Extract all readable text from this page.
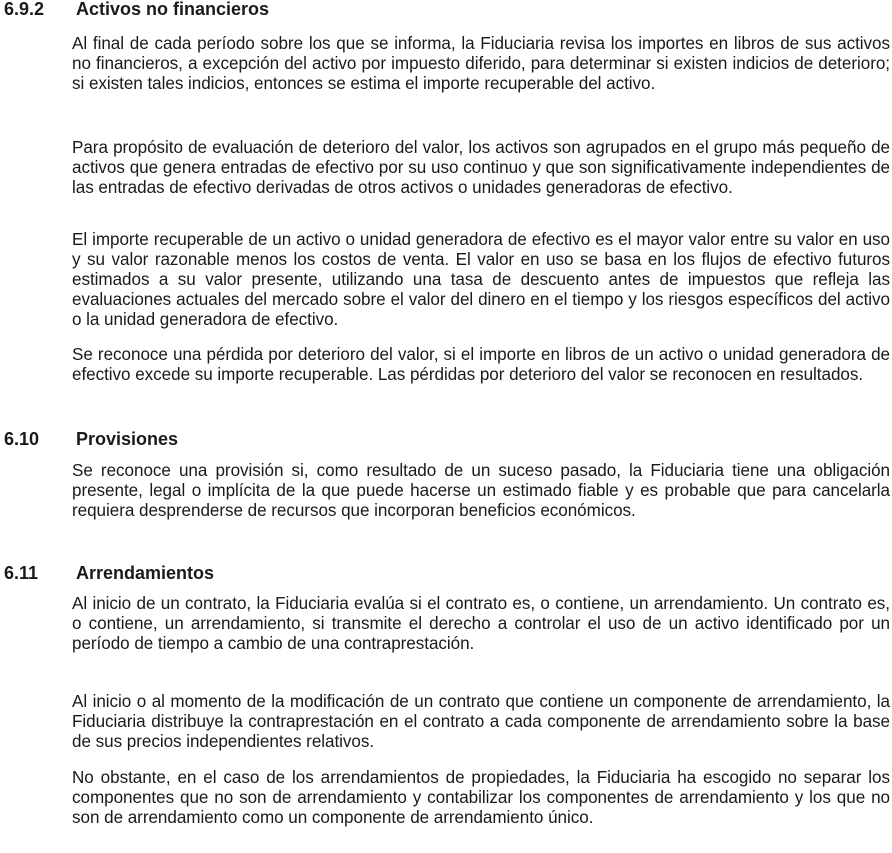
6.9.2	Activos no financieros

Al final de cada período sobre los que se informa, la Fiduciaria revisa los importes en libros de sus activos no financieros, a excepción del activo por impuesto diferido, para determinar si existen indicios de deterioro; si existen tales indicios, entonces se estima el importe recuperable del activo.

Para propósito de evaluación de deterioro del valor, los activos son agrupados en el grupo más pequeño de activos que genera entradas de efectivo por su uso continuo y que son significativamente independientes de las entradas de efectivo derivadas de otros activos o unidades generadoras de efectivo.

El importe recuperable de un activo o unidad generadora de efectivo es el mayor valor entre su valor en uso y su valor razonable menos los costos de venta. El valor en uso se basa en los flujos de efectivo futuros estimados a su valor presente, utilizando una tasa de descuento antes de impuestos que refleja las evaluaciones actuales del mercado sobre el valor del dinero en el tiempo y los riesgos específicos del activo o la unidad generadora de efectivo.

Se reconoce una pérdida por deterioro del valor, si el importe en libros de un activo o unidad generadora de efectivo excede su importe recuperable. Las pérdidas por deterioro del valor se reconocen en resultados.

6.10	Provisiones

Se reconoce una provisión si, como resultado de un suceso pasado, la Fiduciaria tiene una obligación presente, legal o implícita de la que puede hacerse un estimado fiable y es probable que para cancelarla requiera desprenderse de recursos que incorporan beneficios económicos.

6.11	Arrendamientos

Al inicio de un contrato, la Fiduciaria evalúa si el contrato es, o contiene, un arrendamiento. Un contrato es, o contiene, un arrendamiento, si transmite el derecho a controlar el uso de un activo identificado por un período de tiempo a cambio de una contraprestación.

Al inicio o al momento de la modificación de un contrato que contiene un componente de arrendamiento, la Fiduciaria distribuye la contraprestación en el contrato a cada componente de arrendamiento sobre la base de sus precios independientes relativos.

No obstante, en el caso de los arrendamientos de propiedades, la Fiduciaria ha escogido no separar los componentes que no son de arrendamiento y contabilizar los componentes de arrendamiento y los que no son de arrendamiento como un componente de arrendamiento único.
